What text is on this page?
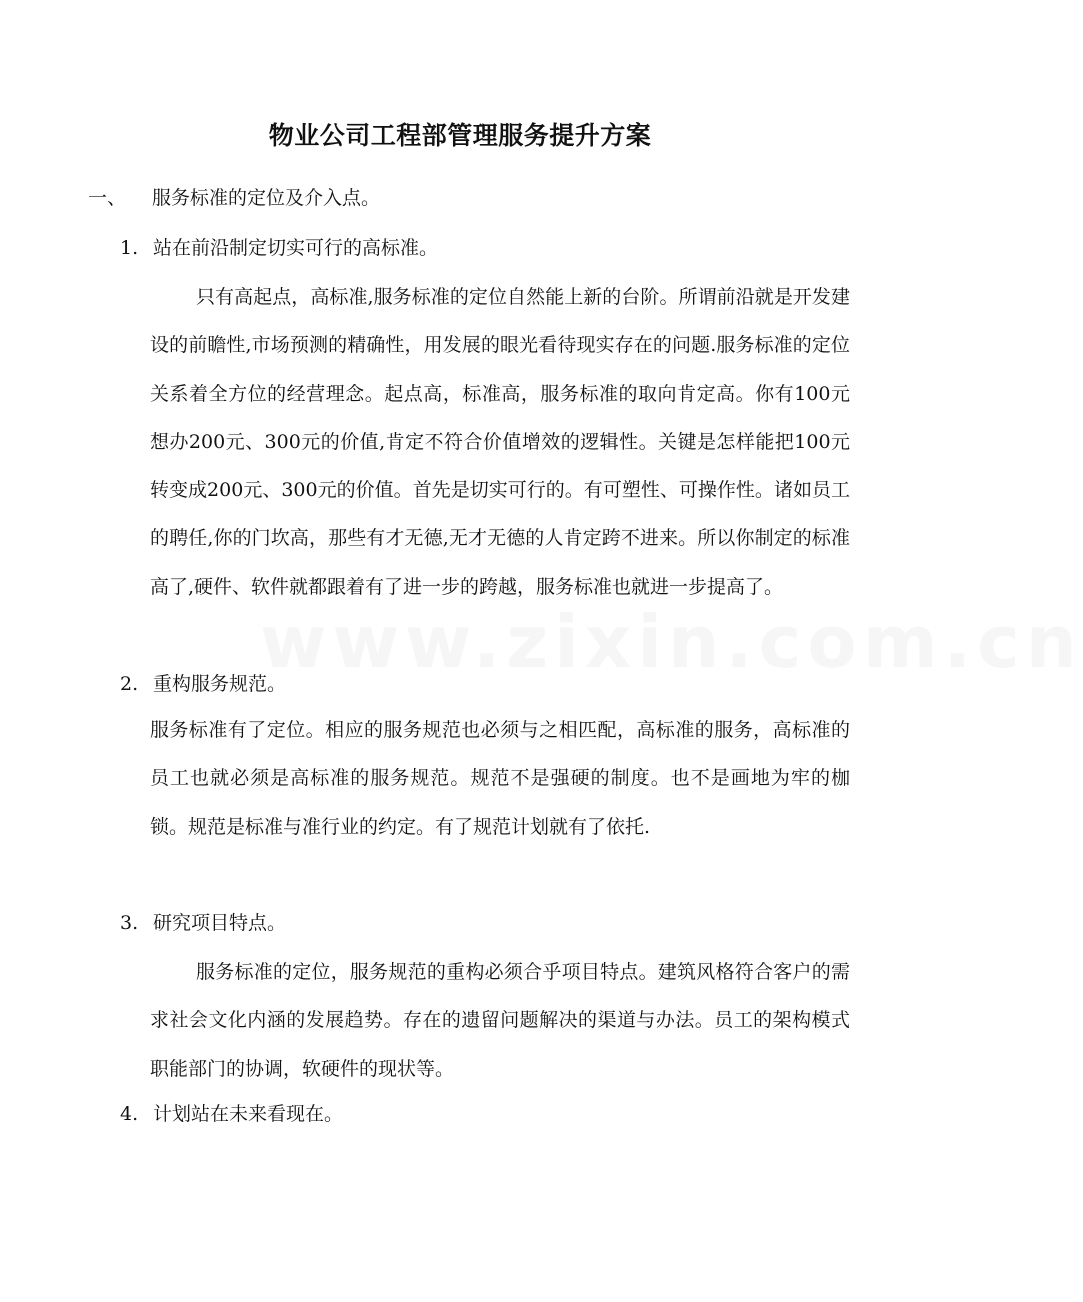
www.zixin.com.cn
物业公司工程部管理服务提升方案
一、 服务标准的定位及介入点。
1. 站在前沿制定切实可行的高标准。

只有高起点，高标准,服务标准的定位自然能上新的台阶。所谓前沿就是开发建设的前瞻性,市场预测的精确性，用发展的眼光看待现实存在的问题.服务标准的定位关系着全方位的经营理念。起点高，标准高，服务标准的取向肯定高。你有100元想办200元、300元的价值,肯定不符合价值增效的逻辑性。关键是怎样能把100元转变成200元、300元的价值。首先是切实可行的。有可塑性、可操作性。诸如员工的聘任,你的门坎高，那些有才无德,无才无德的人肯定跨不进来。所以你制定的标准高了,硬件、软件就都跟着有了进一步的跨越，服务标准也就进一步提高了。

2. 重构服务规范。

服务标准有了定位。相应的服务规范也必须与之相匹配，高标准的服务，高标准的员工也就必须是高标准的服务规范。规范不是强硬的制度。也不是画地为牢的枷锁。规范是标准与准行业的约定。有了规范计划就有了依托.

3. 研究项目特点。

服务标准的定位，服务规范的重构必须合乎项目特点。建筑风格符合客户的需求社会文化内涵的发展趋势。存在的遗留问题解决的渠道与办法。员工的架构模式职能部门的协调，软硬件的现状等。

4. 计划站在未来看现在。
